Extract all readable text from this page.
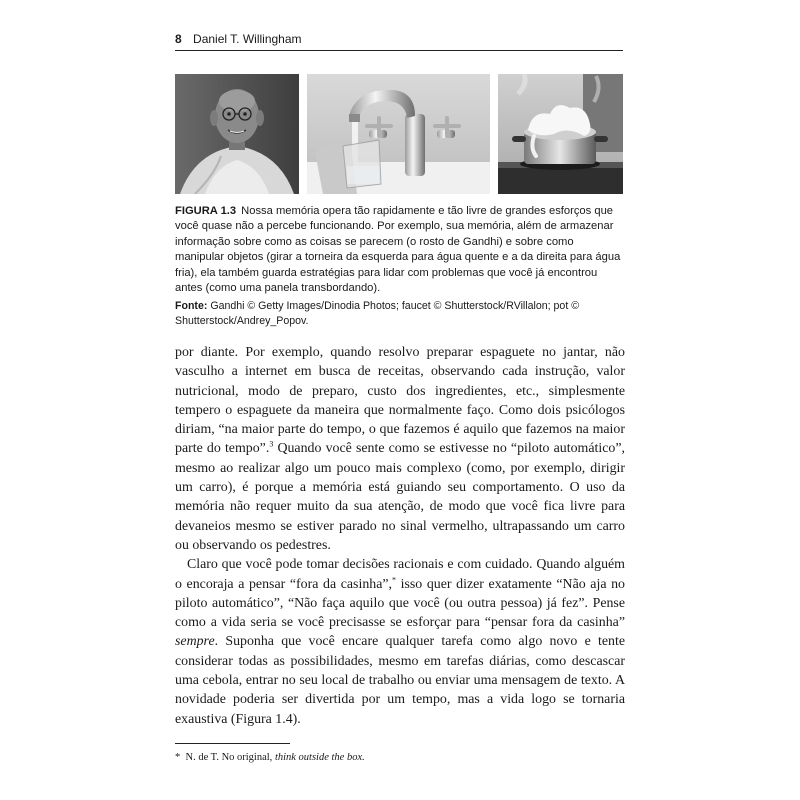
8 Daniel T. Willingham
FIGURA 1.3 Nossa memória opera tão rapidamente e tão livre de grandes esforços que você quase não a percebe funcionando. Por exemplo, sua memória, além de armazenar informação sobre como as coisas se parecem (o rosto de Gandhi) e sobre como manipular objetos (girar a torneira da esquerda para água quente e a da direita para água fria), ela também guarda estratégias para lidar com problemas que você já encontrou antes (como uma panela transbordando).
Fonte: Gandhi © Getty Images/Dinodia Photos; faucet © Shutterstock/RVillalon; pot © Shutterstock/Andrey_Popov.

por diante. Por exemplo, quando resolvo preparar espaguete no jantar, não vasculho a internet em busca de receitas, observando cada instrução, valor nutricional, modo de preparo, custo dos ingredientes, etc., simplesmente tempero o espaguete da maneira que normalmente faço. Como dois psicólogos diriam, “na maior parte do tempo, o que fazemos é aquilo que fazemos na maior parte do tempo”.$^3$ Quando você sente como se estivesse no “piloto automático”, mesmo ao realizar algo um pouco mais complexo (como, por exemplo, dirigir um carro), é porque a memória está guiando seu comportamento. O uso da memória não requer muito da sua atenção, de modo que você fica livre para devaneios mesmo se estiver parado no sinal vermelho, ultrapassando um carro ou observando os pedestres.

Claro que você pode tomar decisões racionais e com cuidado. Quando alguém o encoraja a pensar “fora da casinha”,* isso quer dizer exatamente “Não aja no piloto automático”, “Não faça aquilo que você (ou outra pessoa) já fez”. Pense como a vida seria se você precisasse se esforçar para “pensar fora da casinha” sempre. Suponha que você encare qualquer tarefa como algo novo e tente considerar todas as possibilidades, mesmo em tarefas diárias, como descascar uma cebola, entrar no seu local de trabalho ou enviar uma mensagem de texto. A novidade poderia ser divertida por um tempo, mas a vida logo se tornaria exaustiva (Figura 1.4).

* N. de T. No original, think outside the box.
